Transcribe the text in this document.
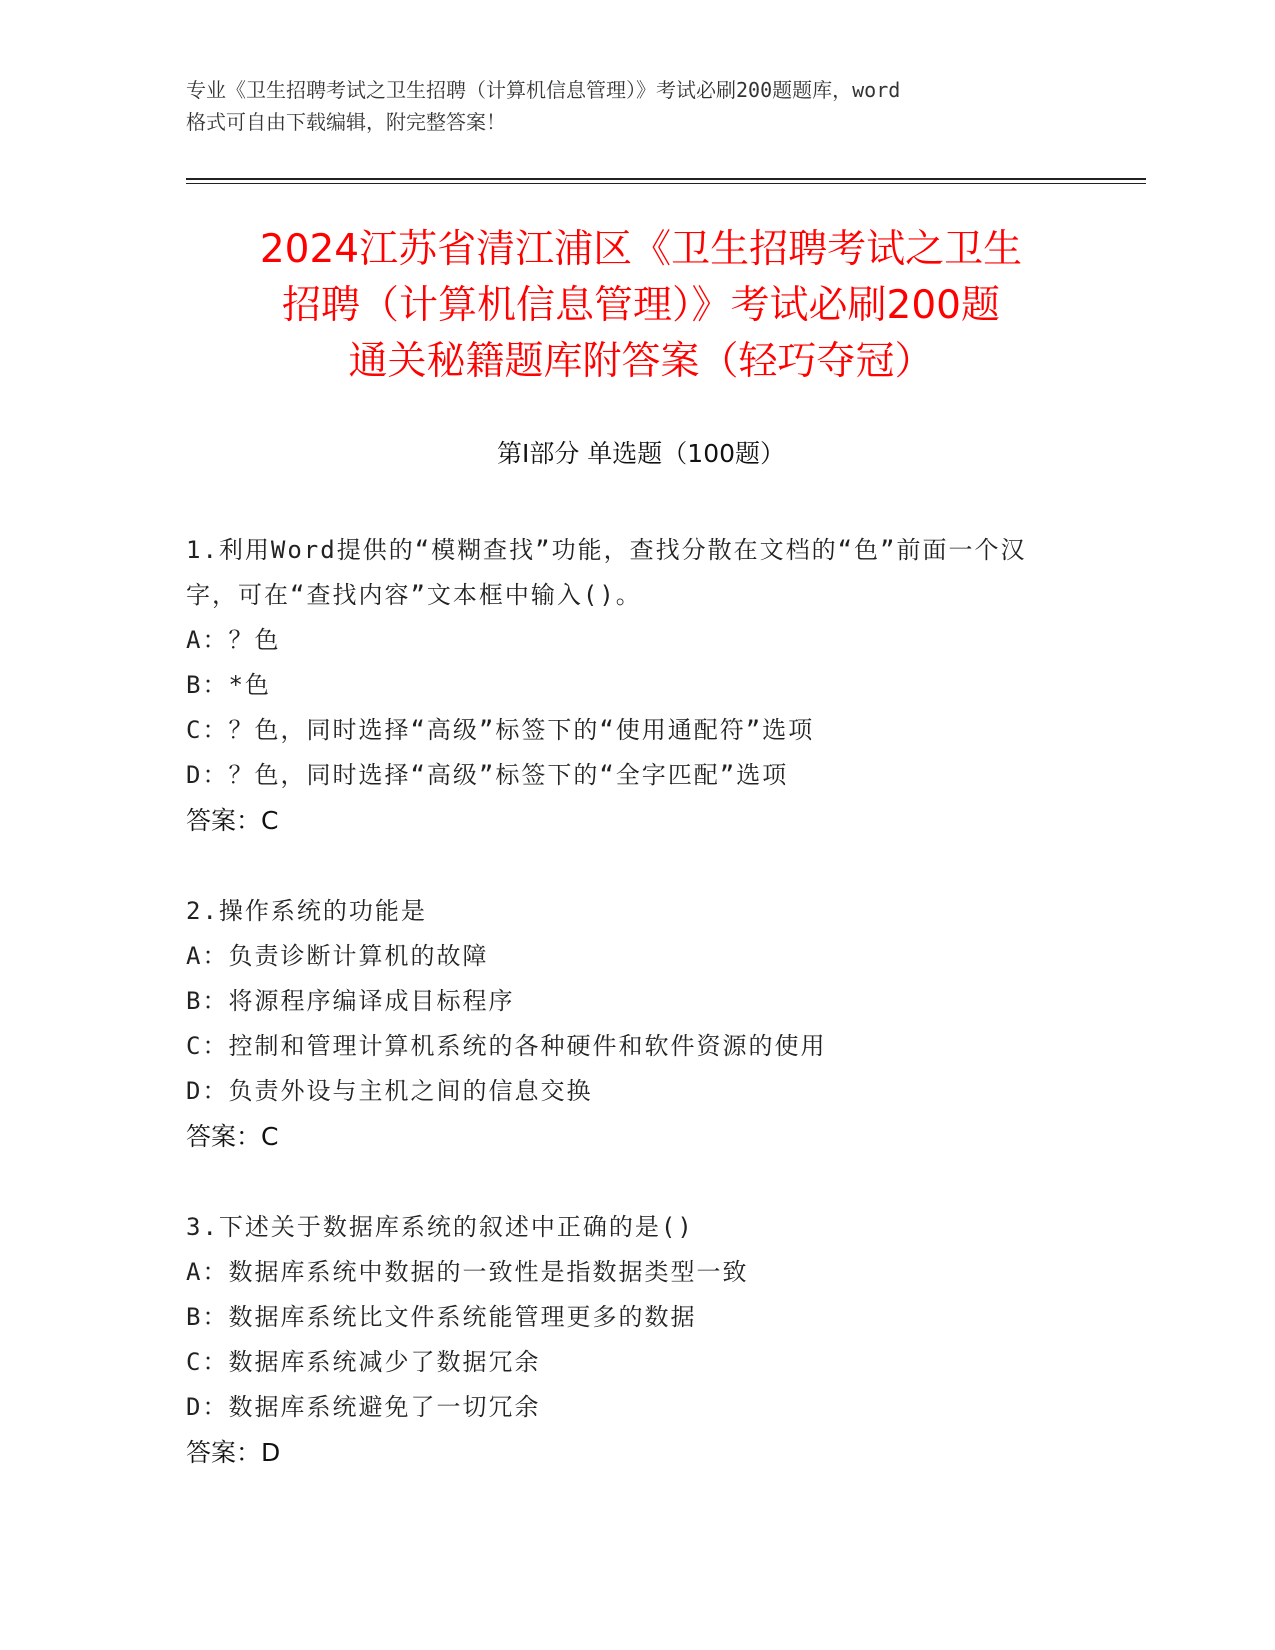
专业《卫生招聘考试之卫生招聘（计算机信息管理）》考试必刷200题题库，word
格式可自由下载编辑，附完整答案！
2024江苏省清江浦区《卫生招聘考试之卫生
招聘（计算机信息管理）》考试必刷200题
通关秘籍题库附答案（轻巧夺冠）
第Ⅰ部分 单选题（100题）
1.利用Word提供的“模糊查找”功能，查找分散在文档的“色”前面一个汉字，可在“查找内容”文本框中输入()。
A：？色
B：*色
C：？色，同时选择“高级”标签下的“使用通配符”选项
D：？色，同时选择“高级”标签下的“全字匹配”选项
答案：C
2.操作系统的功能是
A：负责诊断计算机的故障
B：将源程序编译成目标程序
C：控制和管理计算机系统的各种硬件和软件资源的使用
D：负责外设与主机之间的信息交换
答案：C
3.下述关于数据库系统的叙述中正确的是()
A：数据库系统中数据的一致性是指数据类型一致
B：数据库系统比文件系统能管理更多的数据
C：数据库系统减少了数据冗余
D：数据库系统避免了一切冗余
答案：D
